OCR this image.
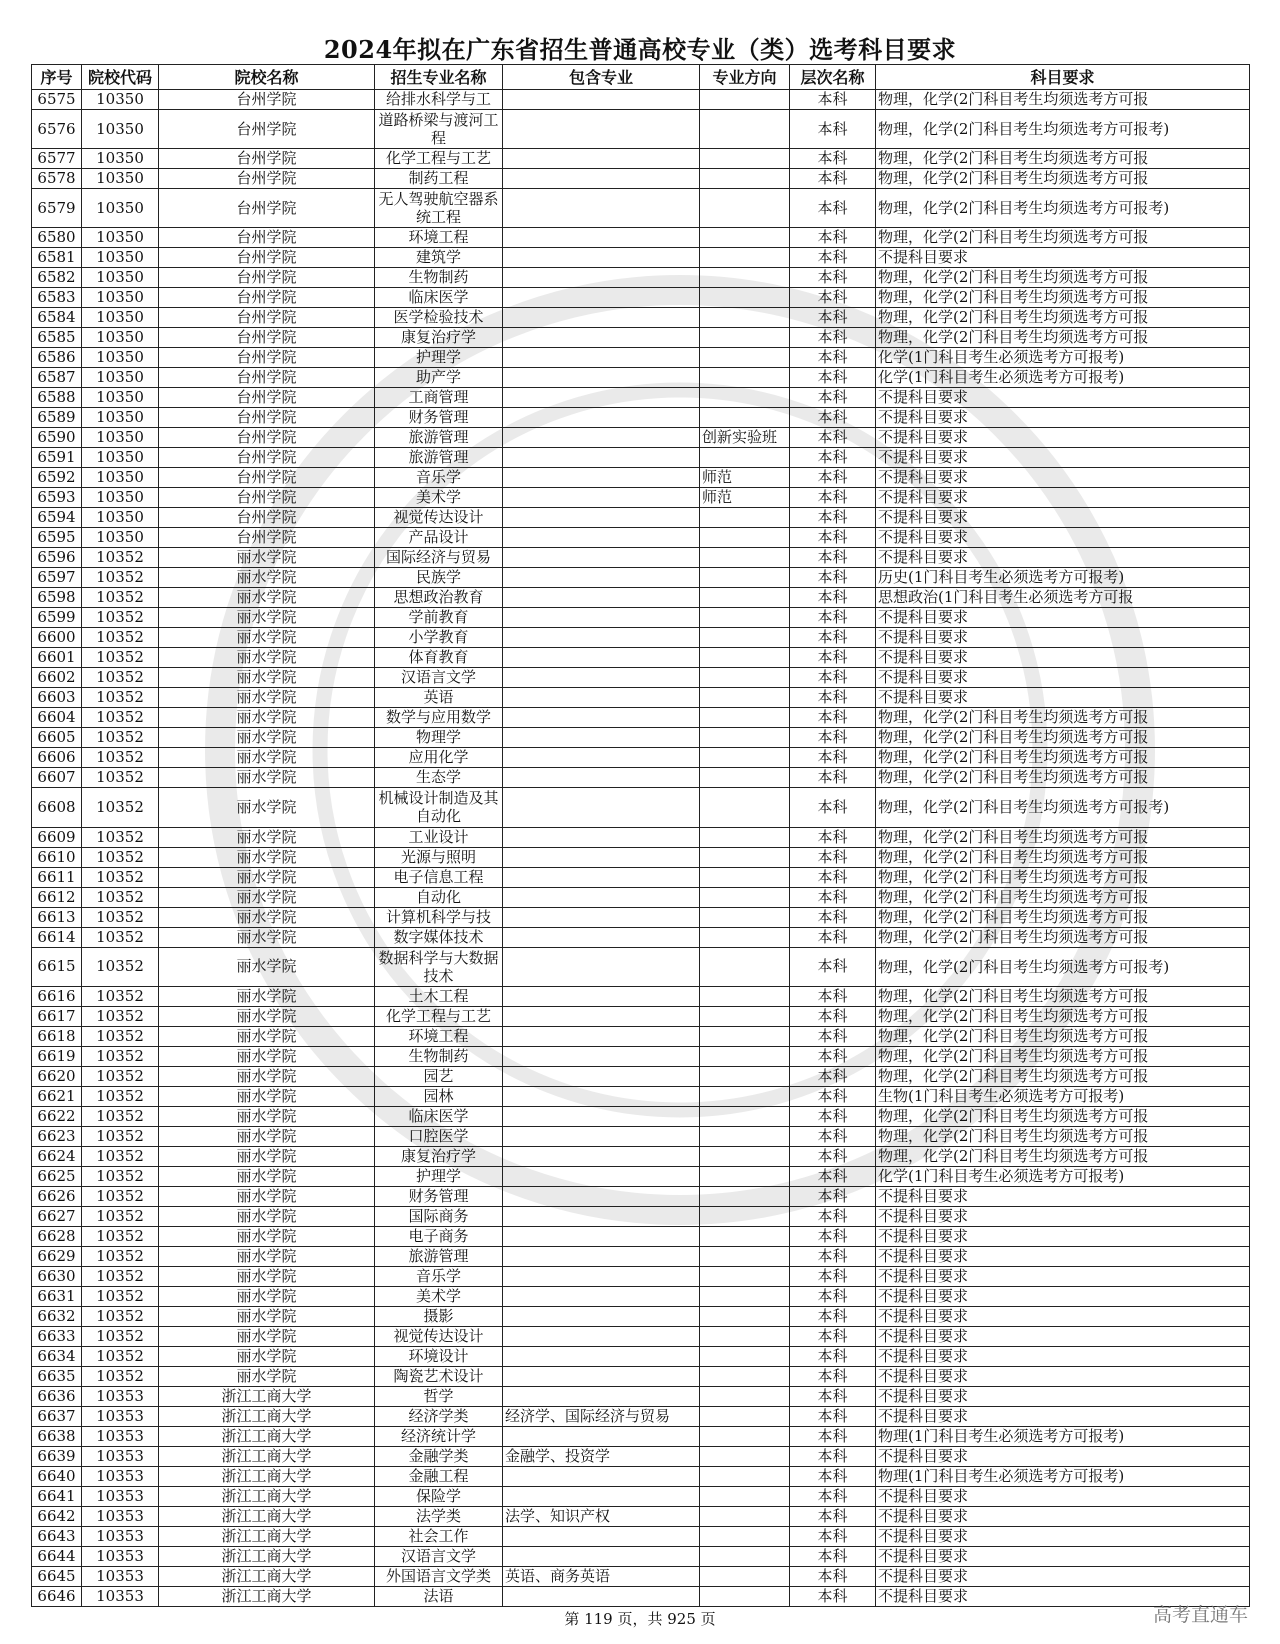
2024年拟在广东省招生普通高校专业（类）选考科目要求
序号	院校代码	院校名称	招生专业名称	包含专业	专业方向	层次名称	科目要求
6575	10350	台州学院	给排水科学与工			本科	物理，化学(2门科目考生均须选考方可报
6576	10350	台州学院	道路桥梁与渡河工程			本科	物理，化学(2门科目考生均须选考方可报考)
6577	10350	台州学院	化学工程与工艺			本科	物理，化学(2门科目考生均须选考方可报
6578	10350	台州学院	制药工程			本科	物理，化学(2门科目考生均须选考方可报
6579	10350	台州学院	无人驾驶航空器系统工程			本科	物理，化学(2门科目考生均须选考方可报考)
6580	10350	台州学院	环境工程			本科	物理，化学(2门科目考生均须选考方可报
6581	10350	台州学院	建筑学			本科	不提科目要求
6582	10350	台州学院	生物制药			本科	物理，化学(2门科目考生均须选考方可报
6583	10350	台州学院	临床医学			本科	物理，化学(2门科目考生均须选考方可报
6584	10350	台州学院	医学检验技术			本科	物理，化学(2门科目考生均须选考方可报
6585	10350	台州学院	康复治疗学			本科	物理，化学(2门科目考生均须选考方可报
6586	10350	台州学院	护理学			本科	化学(1门科目考生必须选考方可报考)
6587	10350	台州学院	助产学			本科	化学(1门科目考生必须选考方可报考)
6588	10350	台州学院	工商管理			本科	不提科目要求
6589	10350	台州学院	财务管理			本科	不提科目要求
6590	10350	台州学院	旅游管理		创新实验班	本科	不提科目要求
6591	10350	台州学院	旅游管理			本科	不提科目要求
6592	10350	台州学院	音乐学		师范	本科	不提科目要求
6593	10350	台州学院	美术学		师范	本科	不提科目要求
6594	10350	台州学院	视觉传达设计			本科	不提科目要求
6595	10350	台州学院	产品设计			本科	不提科目要求
6596	10352	丽水学院	国际经济与贸易			本科	不提科目要求
6597	10352	丽水学院	民族学			本科	历史(1门科目考生必须选考方可报考)
6598	10352	丽水学院	思想政治教育			本科	思想政治(1门科目考生必须选考方可报
6599	10352	丽水学院	学前教育			本科	不提科目要求
6600	10352	丽水学院	小学教育			本科	不提科目要求
6601	10352	丽水学院	体育教育			本科	不提科目要求
6602	10352	丽水学院	汉语言文学			本科	不提科目要求
6603	10352	丽水学院	英语			本科	不提科目要求
6604	10352	丽水学院	数学与应用数学			本科	物理，化学(2门科目考生均须选考方可报
6605	10352	丽水学院	物理学			本科	物理，化学(2门科目考生均须选考方可报
6606	10352	丽水学院	应用化学			本科	物理，化学(2门科目考生均须选考方可报
6607	10352	丽水学院	生态学			本科	物理，化学(2门科目考生均须选考方可报
6608	10352	丽水学院	机械设计制造及其自动化			本科	物理，化学(2门科目考生均须选考方可报考)
6609	10352	丽水学院	工业设计			本科	物理，化学(2门科目考生均须选考方可报
6610	10352	丽水学院	光源与照明			本科	物理，化学(2门科目考生均须选考方可报
6611	10352	丽水学院	电子信息工程			本科	物理，化学(2门科目考生均须选考方可报
6612	10352	丽水学院	自动化			本科	物理，化学(2门科目考生均须选考方可报
6613	10352	丽水学院	计算机科学与技			本科	物理，化学(2门科目考生均须选考方可报
6614	10352	丽水学院	数字媒体技术			本科	物理，化学(2门科目考生均须选考方可报
6615	10352	丽水学院	数据科学与大数据技术			本科	物理，化学(2门科目考生均须选考方可报考)
6616	10352	丽水学院	土木工程			本科	物理，化学(2门科目考生均须选考方可报
6617	10352	丽水学院	化学工程与工艺			本科	物理，化学(2门科目考生均须选考方可报
6618	10352	丽水学院	环境工程			本科	物理，化学(2门科目考生均须选考方可报
6619	10352	丽水学院	生物制药			本科	物理，化学(2门科目考生均须选考方可报
6620	10352	丽水学院	园艺			本科	物理，化学(2门科目考生均须选考方可报
6621	10352	丽水学院	园林			本科	生物(1门科目考生必须选考方可报考)
6622	10352	丽水学院	临床医学			本科	物理，化学(2门科目考生均须选考方可报
6623	10352	丽水学院	口腔医学			本科	物理，化学(2门科目考生均须选考方可报
6624	10352	丽水学院	康复治疗学			本科	物理，化学(2门科目考生均须选考方可报
6625	10352	丽水学院	护理学			本科	化学(1门科目考生必须选考方可报考)
6626	10352	丽水学院	财务管理			本科	不提科目要求
6627	10352	丽水学院	国际商务			本科	不提科目要求
6628	10352	丽水学院	电子商务			本科	不提科目要求
6629	10352	丽水学院	旅游管理			本科	不提科目要求
6630	10352	丽水学院	音乐学			本科	不提科目要求
6631	10352	丽水学院	美术学			本科	不提科目要求
6632	10352	丽水学院	摄影			本科	不提科目要求
6633	10352	丽水学院	视觉传达设计			本科	不提科目要求
6634	10352	丽水学院	环境设计			本科	不提科目要求
6635	10352	丽水学院	陶瓷艺术设计			本科	不提科目要求
6636	10353	浙江工商大学	哲学			本科	不提科目要求
6637	10353	浙江工商大学	经济学类	经济学、国际经济与贸易		本科	不提科目要求
6638	10353	浙江工商大学	经济统计学			本科	物理(1门科目考生必须选考方可报考)
6639	10353	浙江工商大学	金融学类	金融学、投资学		本科	不提科目要求
6640	10353	浙江工商大学	金融工程			本科	物理(1门科目考生必须选考方可报考)
6641	10353	浙江工商大学	保险学			本科	不提科目要求
6642	10353	浙江工商大学	法学类	法学、知识产权		本科	不提科目要求
6643	10353	浙江工商大学	社会工作			本科	不提科目要求
6644	10353	浙江工商大学	汉语言文学			本科	不提科目要求
6645	10353	浙江工商大学	外国语言文学类	英语、商务英语		本科	不提科目要求
6646	10353	浙江工商大学	法语			本科	不提科目要求
第 119 页，共 925 页	高考直通车
